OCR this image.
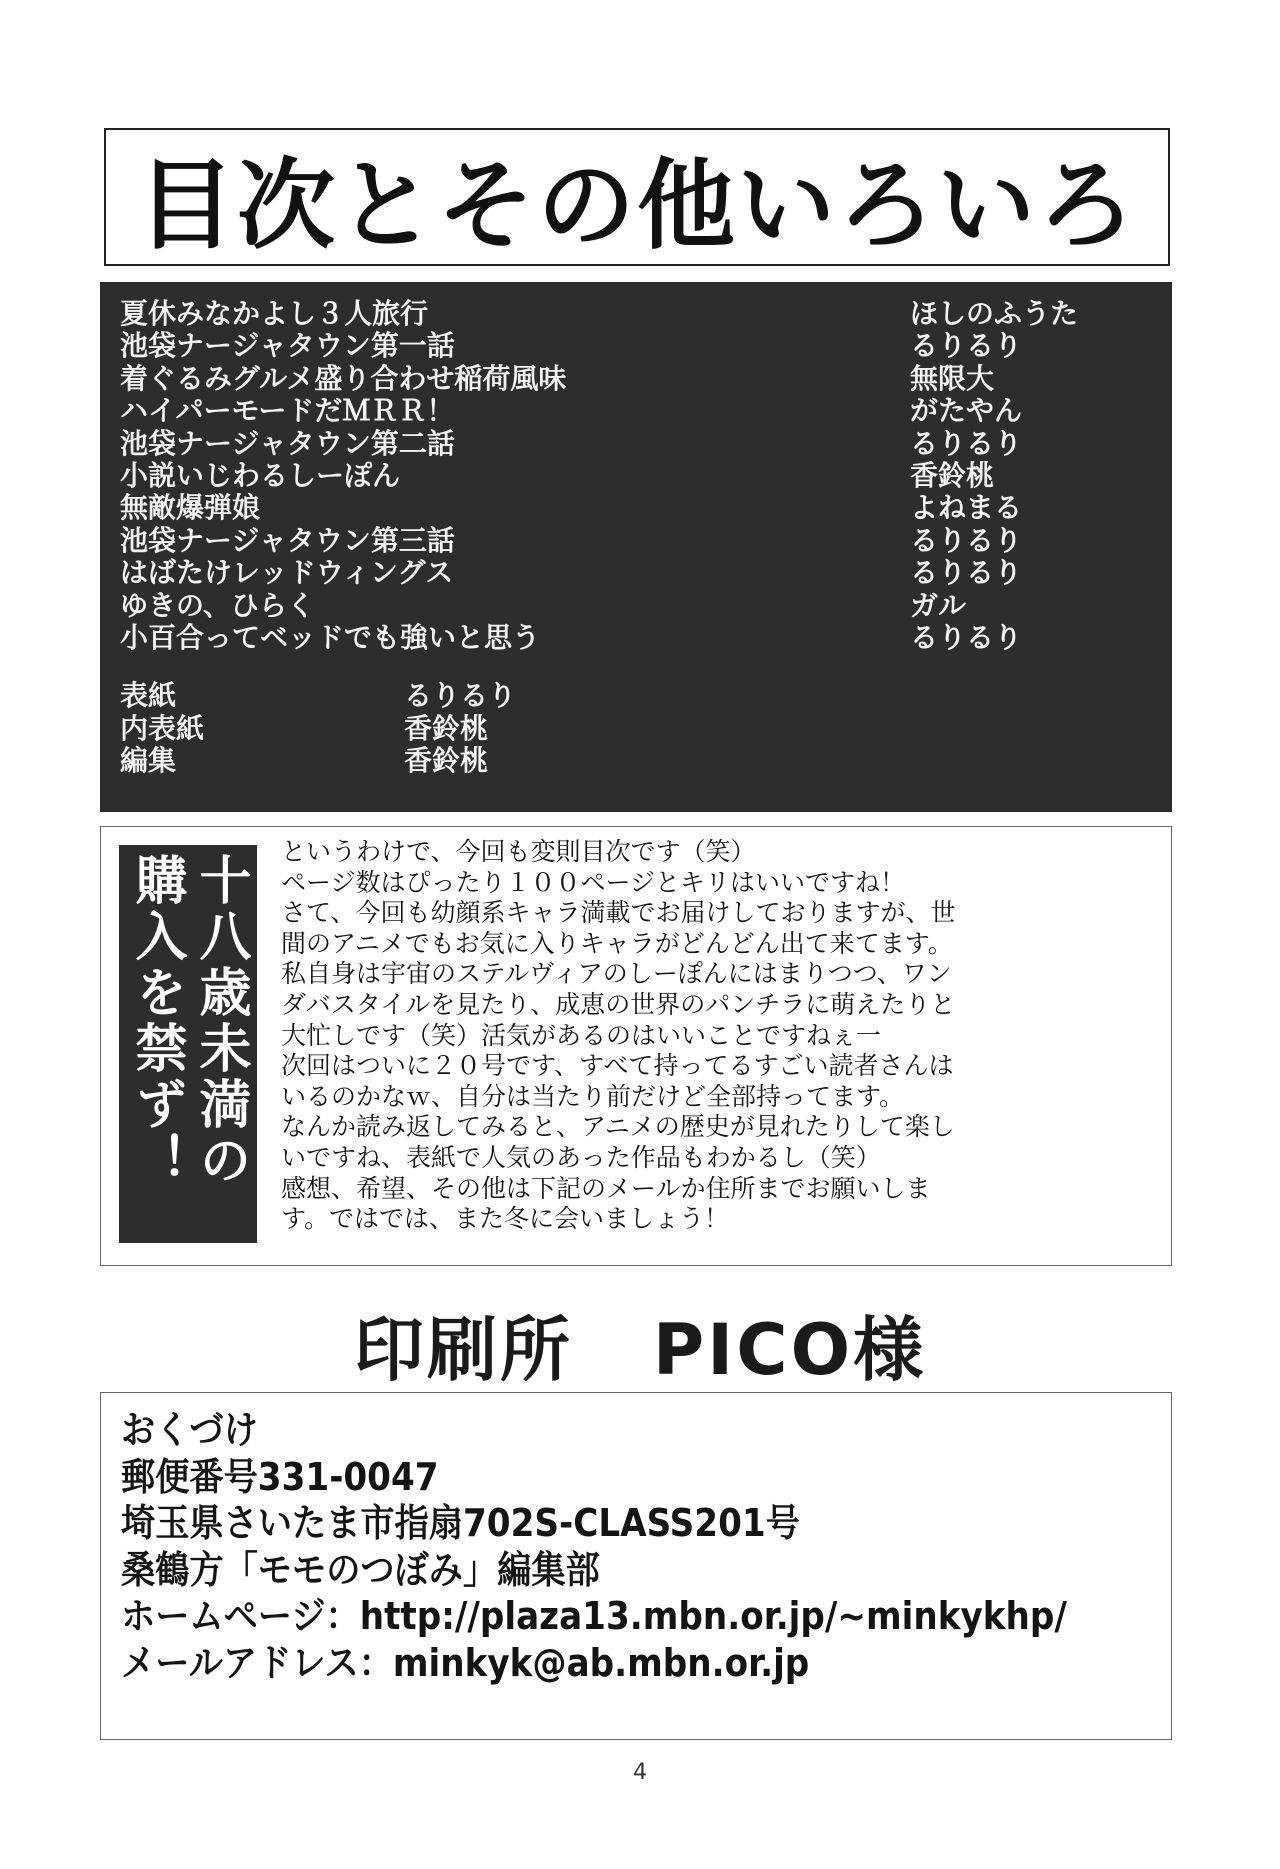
目次とその他いろいろ
夏休みなかよし３人旅行	ほしのふうた
池袋ナージャタウン第一話	るりるり
着ぐるみグルメ盛り合わせ稲荷風味	無限大
ハイパーモードだＭＲＲ！	がたやん
池袋ナージャタウン第二話	るりるり
小説いじわるしーぽん	香鈴桃
無敵爆弾娘	よねまる
池袋ナージャタウン第三話	るりるり
はばたけレッドウィングス	るりるり
ゆきの、ひらく	ガル
小百合ってベッドでも強いと思う	るりるり
表紙	るりるり
内表紙	香鈴桃
編集	香鈴桃
十八歳未満の
購入を禁ず！
というわけで、今回も変則目次です（笑）
ページ数はぴったり１００ページとキリはいいですね！
さて、今回も幼顔系キャラ満載でお届けしておりますが、世
間のアニメでもお気に入りキャラがどんどん出て来てます。
私自身は宇宙のステルヴィアのしーぽんにはまりつつ、ワン
ダバスタイルを見たり、成恵の世界のパンチラに萌えたりと
大忙しです（笑）活気があるのはいいことですねぇ一
次回はついに２０号です、すべて持ってるすごい読者さんは
いるのかなｗ、自分は当たり前だけど全部持ってます。
なんか読み返してみると、アニメの歴史が見れたりして楽し
いですね、表紙で人気のあった作品もわかるし（笑）
感想、希望、その他は下記のメールか住所までお願いしま
す。ではでは、また冬に会いましょう！
印刷所 PICO様
おくづけ
郵便番号331-0047
埼玉県さいたま市指扇702S-CLASS201号
桑鶴方「モモのつぼみ」編集部
ホームページ：http://plaza13.mbn.or.jp/~minkykhp/
メールアドレス：minkyk@ab.mbn.or.jp
4
